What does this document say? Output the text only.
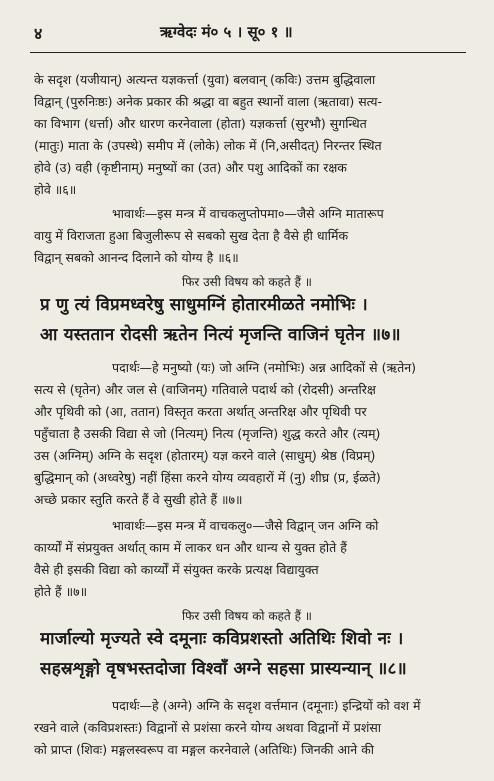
४	ऋग्वेदः मं० ५ । सू० १ ॥
के सदृश (यजीयान्) अत्यन्त यज्ञकर्त्ता (युवा) बलवान् (कविः) उत्तम बुद्धिवाला
विद्वान् (पुरुनिःष्ठः) अनेक प्रकार की श्रद्धा वा बहुत स्थानों वाला (ऋतावा) सत्य-
का विभाग (धर्त्ता) और धारण करनेवाला (होता) यज्ञकर्त्ता (सुरभौ) सुगन्धित
(मातुः) माता के (उपस्थे) समीप में (लोके) लोक में (नि,असीदत्) निरन्तर स्थित
होवे (उ) वही (कृष्टीनाम्) मनुष्यों का (उत) और पशु आदिकों का रक्षक
होवे ॥६॥
भावार्थः—इस मन्त्र में वाचकलुप्तोपमा०—जैसे अग्नि मातारूप
वायु में विराजता हुआ बिजुलीरूप से सबको सुख देता है वैसे ही धार्मिक
विद्वान् सबको आनन्द दिलाने को योग्य है ॥६॥
फिर उसी विषय को कहते हैं ॥
प्र णु त्यं विप्रमध्वरेषु साधुमग्निं होतारमीळते नमोभिः ।
आ यस्ततान रोदसी ऋतेन नित्यं मृजन्ति वाजिनं घृतेन ॥७॥
पदार्थः—हे मनुष्यो (यः) जो अग्नि (नमोभिः) अन्न आदिकों से (ऋतेन)
सत्य से (घृतेन) और जल से (वाजिनम्) गतिवाले पदार्थ को (रोदसी) अन्तरिक्ष
और पृथिवी को (आ, ततान) विस्तृत करता अर्थात् अन्तरिक्ष और पृथिवी पर
पहुँचाता है उसकी विद्या से जो (नित्यम्) नित्य (मृजन्ति) शुद्ध करते और (त्यम्)
उस (अग्निम्) अग्नि के सदृश (होतारम्) यज्ञ करने वाले (साधुम्) श्रेष्ठ (विप्रम्)
बुद्धिमान् को (अध्वरेषु) नहीं हिंसा करने योग्य व्यवहारों में (नु) शीघ्र (प्र, ईळते)
अच्छे प्रकार स्तुति करते हैं वे सुखी होते हैं ॥७॥
भावार्थः—इस मन्त्र में वाचकलु०—जैसे विद्वान् जन अग्नि को
कार्य्यों में संप्रयुक्त अर्थात् काम में लाकर धन और धान्य से युक्त होते हैं
वैसे ही इसकी विद्या को कार्य्यों में संयुक्त करके प्रत्यक्ष विद्यायुक्त
होते हैं ॥७॥
फिर उसी विषय को कहते हैं ॥
मार्जाल्यो मृज्यते स्वे दमूनाः कविप्रशस्तो अतिथिः शिवो नः ।
सहस्रशृङ्गो वृषभस्तदोजा विश्वाँ अग्ने सहसा प्रास्यन्यान् ॥८॥
पदार्थः—हे (अग्ने) अग्नि के सदृश वर्त्तमान (दमूनाः) इन्द्रियों को वश में
रखने वाले (कविप्रशस्तः) विद्वानों से प्रशंसा करने योग्य अथवा विद्वानों में प्रशंसा
को प्राप्त (शिवः) मङ्गलस्वरूप वा मङ्गल करनेवाले (अतिथिः) जिनकी आने की
